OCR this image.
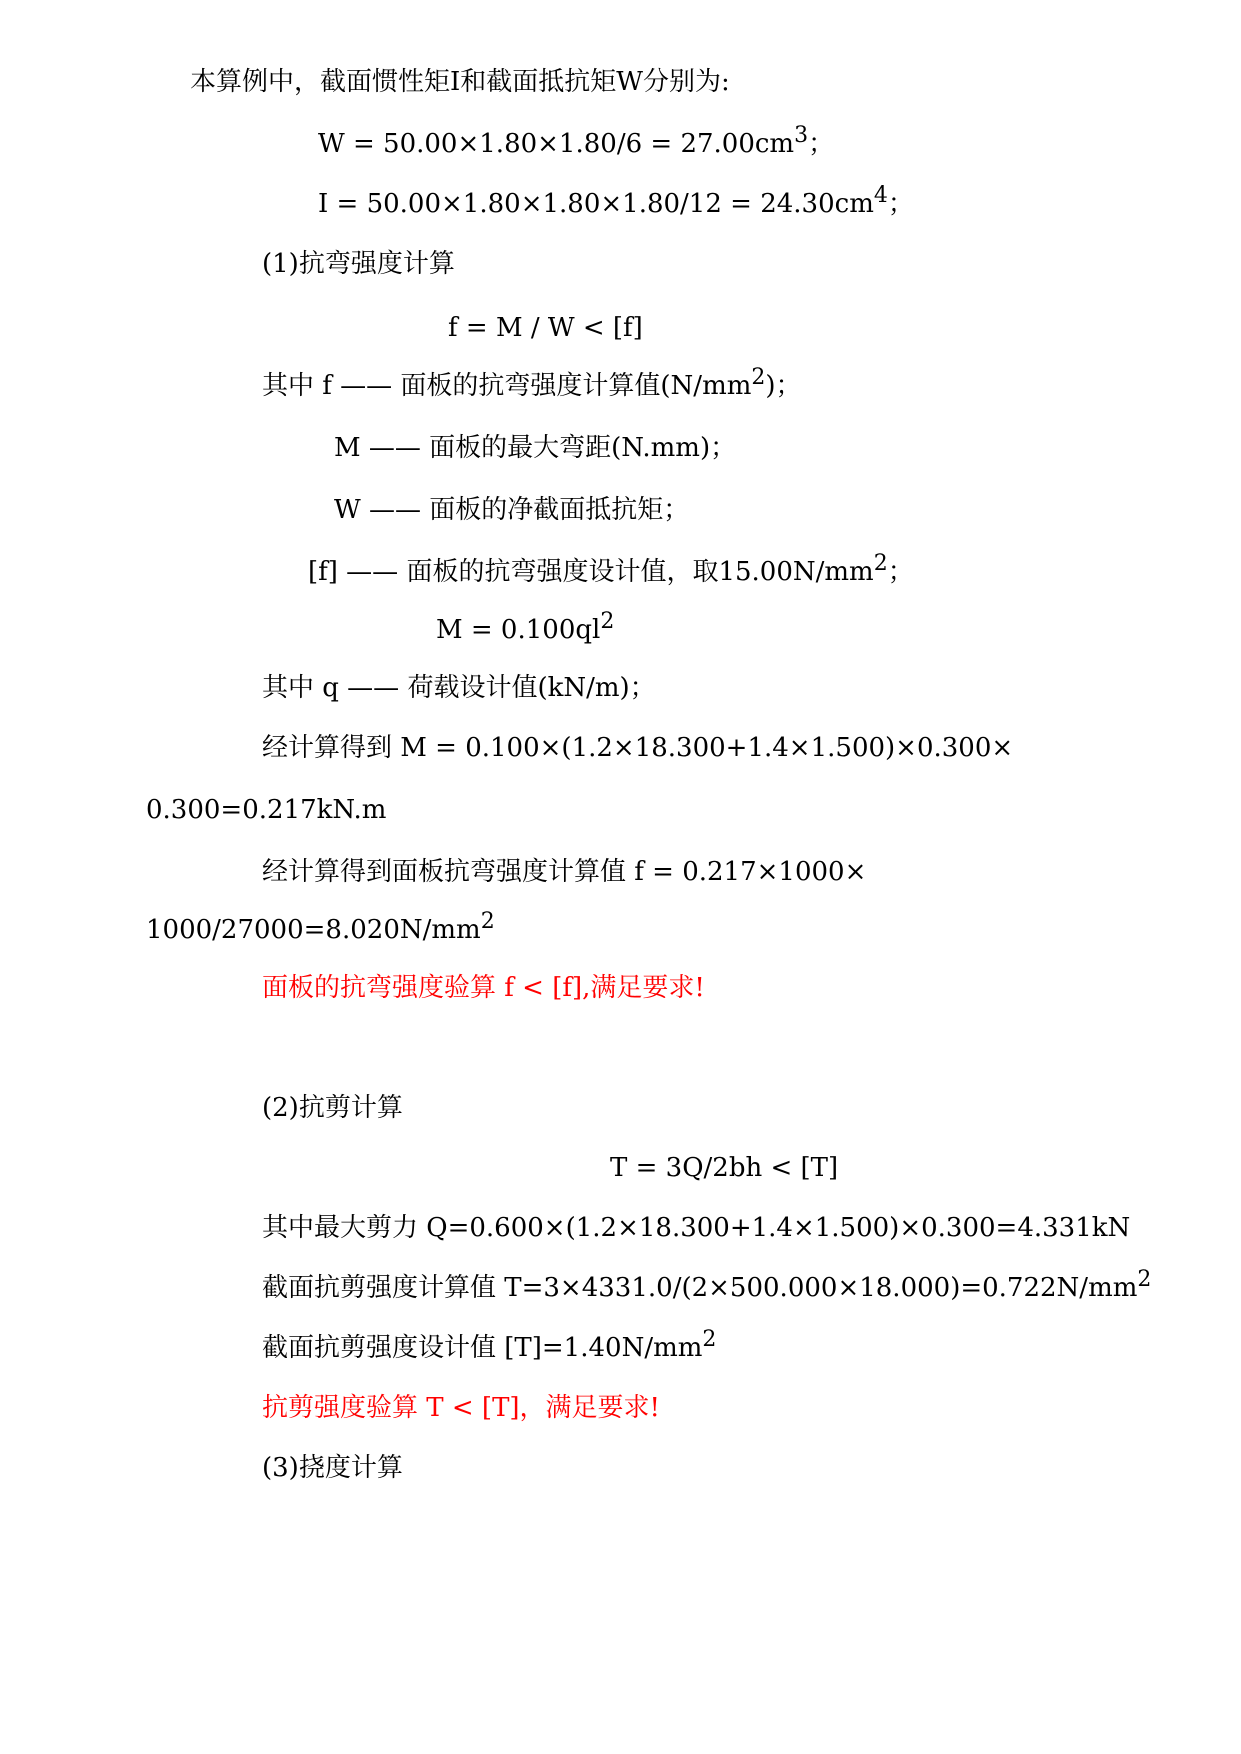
本算例中，截面惯性矩I和截面抵抗矩W分别为:
$W = 50.00\times 1.80\times 1.80/6 = 27.00cm^3$；
$I = 50.00\times 1.80\times 1.80\times 1.80/12 = 24.30cm^4$；
(1)抗弯强度计算
f = M / W < [f]
其中 f —— 面板的抗弯强度计算值$(N/mm^2)$；
M —— 面板的最大弯距(N.mm)；
W —— 面板的净截面抵抗矩；
[f] —— 面板的抗弯强度设计值，取$15.00N/mm^2$；
$M = 0.100ql^2$
其中 q —— 荷载设计值(kN/m)；
经计算得到 M = 0.100×(1.2×18.300+1.4×1.500)×0.300×
0.300=0.217kN.m
经计算得到面板抗弯强度计算值 f = 0.217×1000×
$1000/27000=8.020N/mm^2$
面板的抗弯强度验算 f < [f],满足要求!
(2)抗剪计算
T = 3Q/2bh < [T]
其中最大剪力 Q=0.600×(1.2×18.300+1.4×1.500)×0.300=4.331kN
截面抗剪强度计算值 $T=3\times 4331.0/(2\times 500.000\times 18.000)=0.722N/mm^2$
截面抗剪强度设计值 $[T]=1.40N/mm^2$
抗剪强度验算 T < [T]，满足要求!
(3)挠度计算
